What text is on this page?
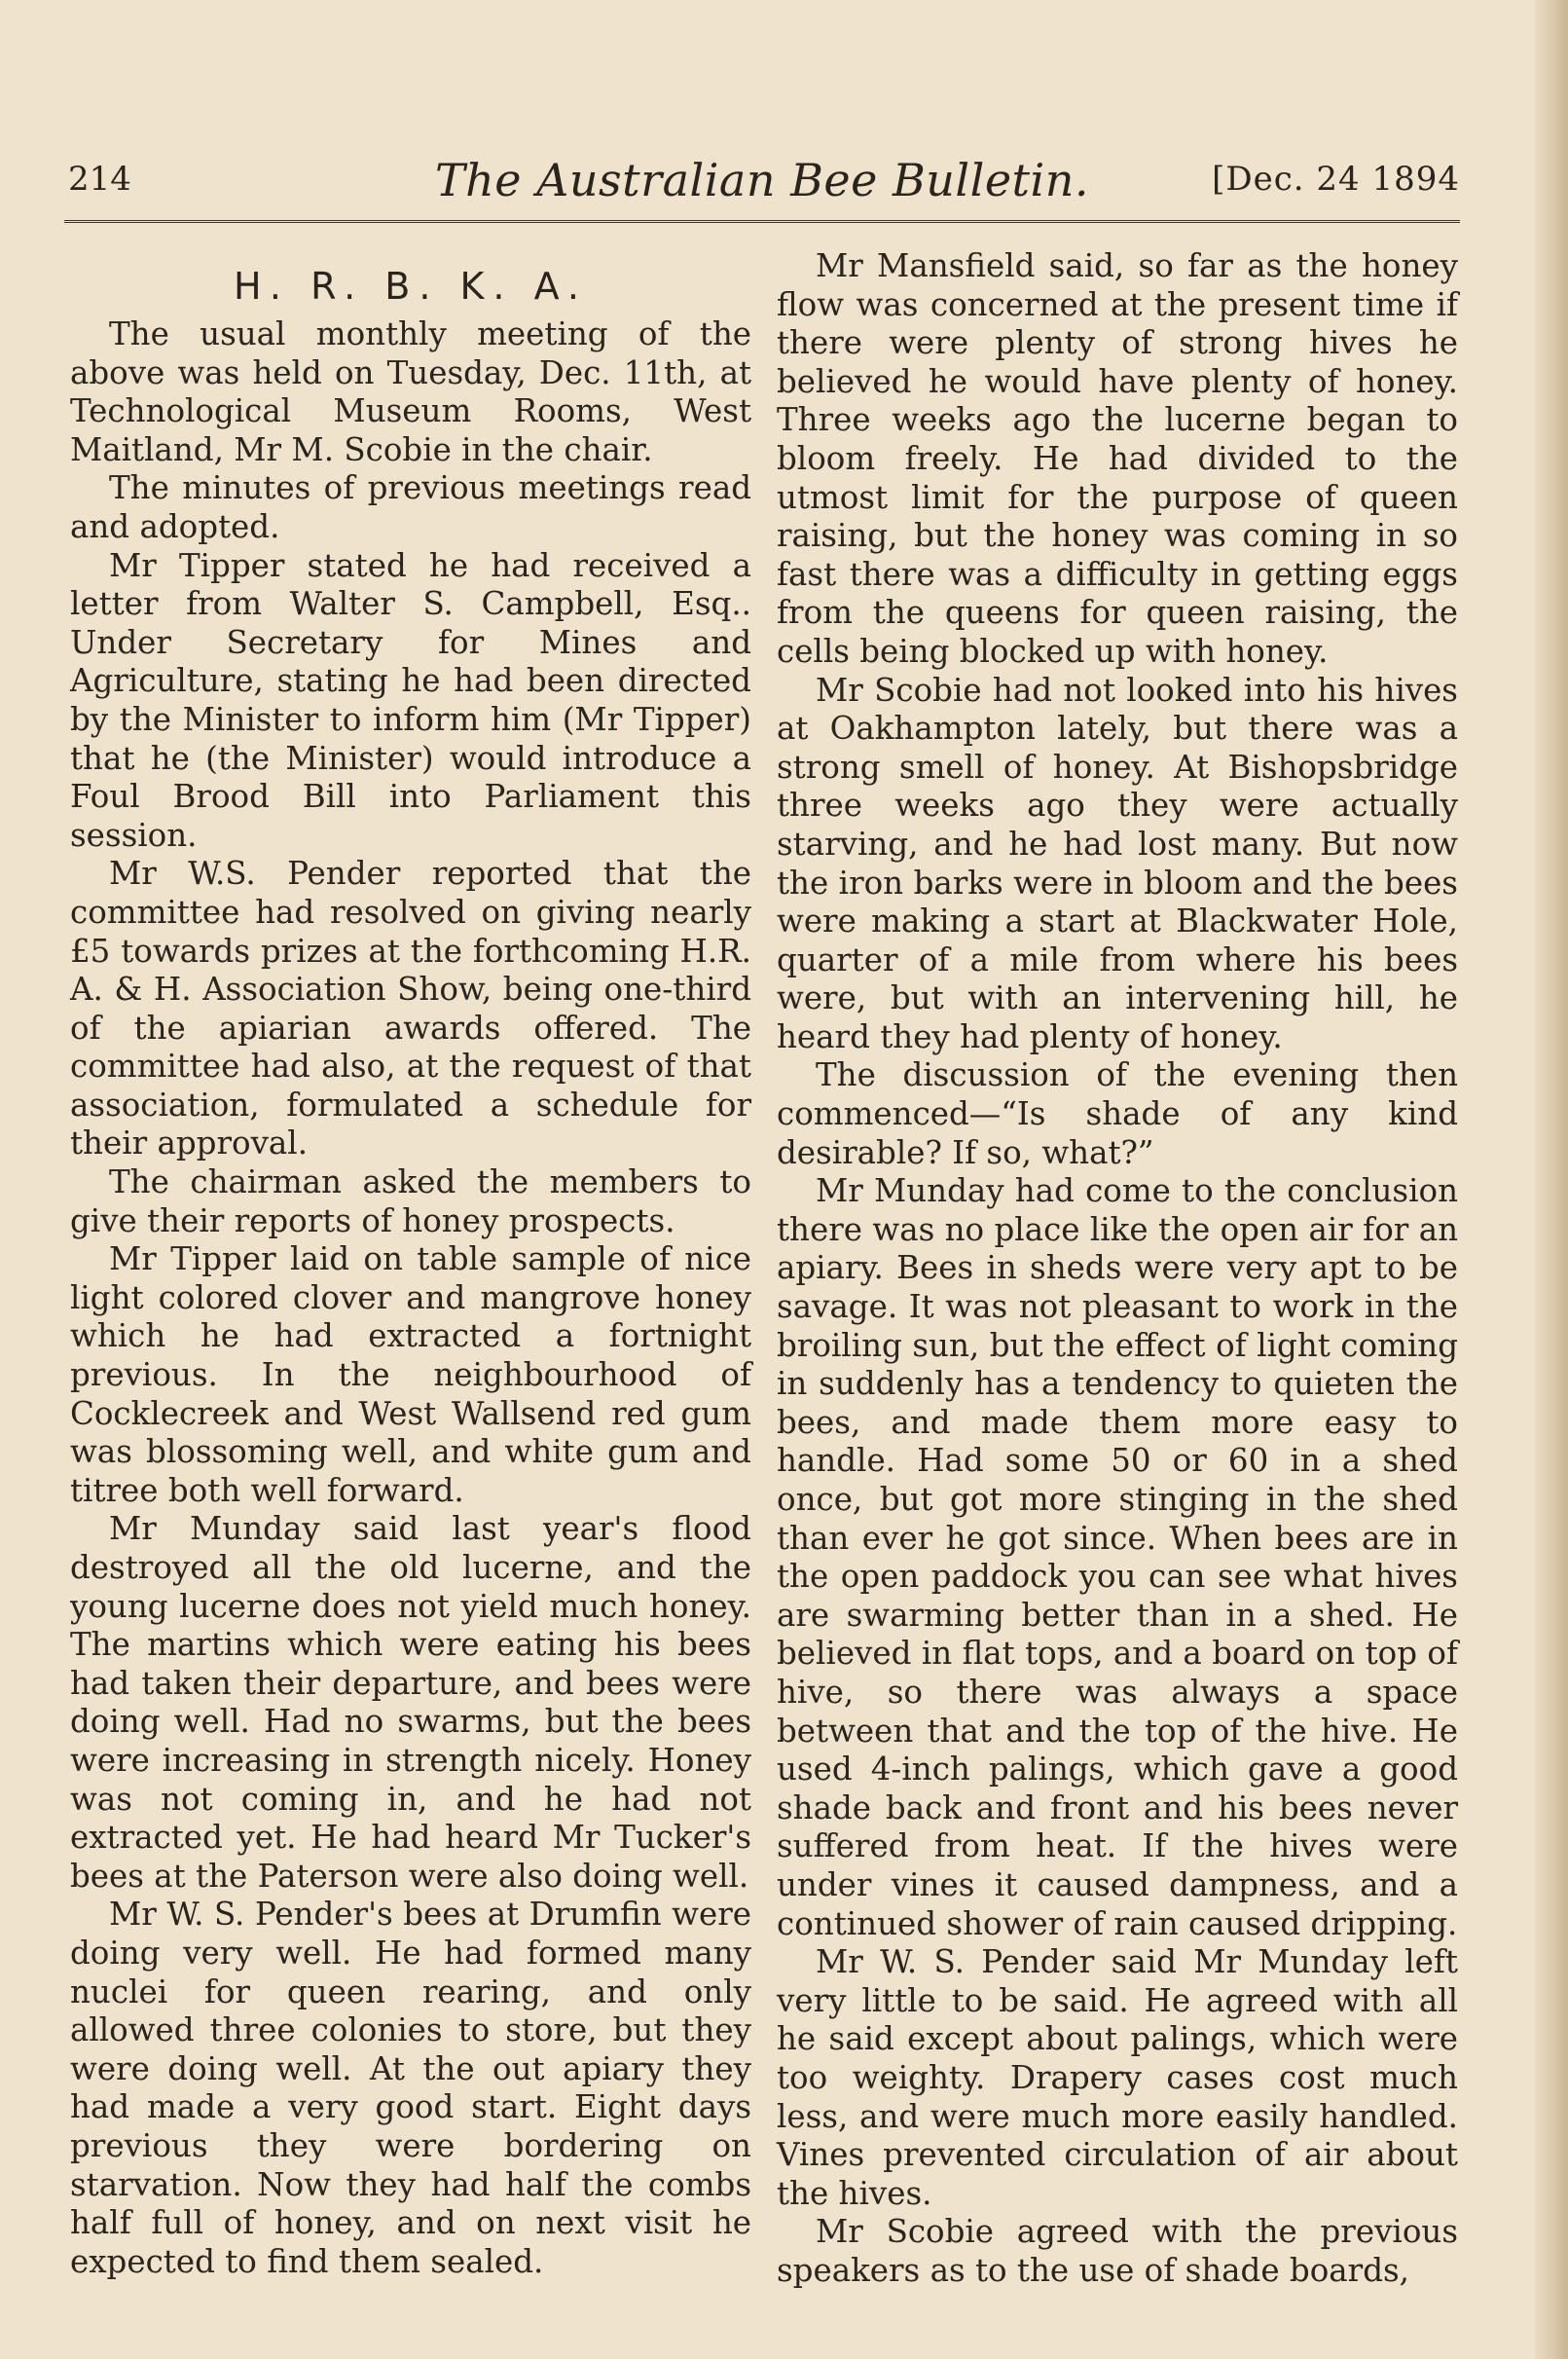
214	The Australian Bee Bulletin.	[Dec. 24 1894
H. R. B. K. A.

The usual monthly meeting of the above was held on Tuesday, Dec. 11th, at Technological Museum Rooms, West Maitland, Mr M. Scobie in the chair.

The minutes of previous meetings read and adopted.

Mr Tipper stated he had received a letter from Walter S. Campbell, Esq.. Under Secretary for Mines and Agriculture, stating he had been directed by the Minister to inform him (Mr Tipper) that he (the Minister) would introduce a Foul Brood Bill into Parliament this session.

Mr W.S. Pender reported that the committee had resolved on giving nearly £5 towards prizes at the forthcoming H.R. A. & H. Association Show, being one-third of the apiarian awards offered. The committee had also, at the request of that association, formulated a schedule for their approval.

The chairman asked the members to give their reports of honey prospects.

Mr Tipper laid on table sample of nice light colored clover and mangrove honey which he had extracted a fortnight previous. In the neighbourhood of Cocklecreek and West Wallsend red gum was blossoming well, and white gum and titree both well forward.

Mr Munday said last year's flood destroyed all the old lucerne, and the young lucerne does not yield much honey. The martins which were eating his bees had taken their departure, and bees were doing well. Had no swarms, but the bees were increasing in strength nicely. Honey was not coming in, and he had not extracted yet. He had heard Mr Tucker's bees at the Paterson were also doing well.

Mr W. S. Pender's bees at Drumfin were doing very well. He had formed many nuclei for queen rearing, and only allowed three colonies to store, but they were doing well. At the out apiary they had made a very good start. Eight days previous they were bordering on starvation. Now they had half the combs half full of honey, and on next visit he expected to find them sealed.

Mr Mansfield said, so far as the honey flow was concerned at the present time if there were plenty of strong hives he believed he would have plenty of honey. Three weeks ago the lucerne began to bloom freely. He had divided to the utmost limit for the purpose of queen raising, but the honey was coming in so fast there was a difficulty in getting eggs from the queens for queen raising, the cells being blocked up with honey.

Mr Scobie had not looked into his hives at Oakhampton lately, but there was a strong smell of honey. At Bishopsbridge three weeks ago they were actually starving, and he had lost many. But now the iron barks were in bloom and the bees were making a start at Blackwater Hole, quarter of a mile from where his bees were, but with an intervening hill, he heard they had plenty of honey.

The discussion of the evening then commenced—“Is shade of any kind desirable? If so, what?”

Mr Munday had come to the conclusion there was no place like the open air for an apiary. Bees in sheds were very apt to be savage. It was not pleasant to work in the broiling sun, but the effect of light coming in suddenly has a tendency to quieten the bees, and made them more easy to handle. Had some 50 or 60 in a shed once, but got more stinging in the shed than ever he got since. When bees are in the open paddock you can see what hives are swarming better than in a shed. He believed in flat tops, and a board on top of hive, so there was always a space between that and the top of the hive. He used 4-inch palings, which gave a good shade back and front and his bees never suffered from heat. If the hives were under vines it caused dampness, and a continued shower of rain caused dripping.

Mr W. S. Pender said Mr Munday left very little to be said. He agreed with all he said except about palings, which were too weighty. Drapery cases cost much less, and were much more easily handled. Vines prevented circulation of air about the hives.

Mr Scobie agreed with the previous speakers as to the use of shade boards,
